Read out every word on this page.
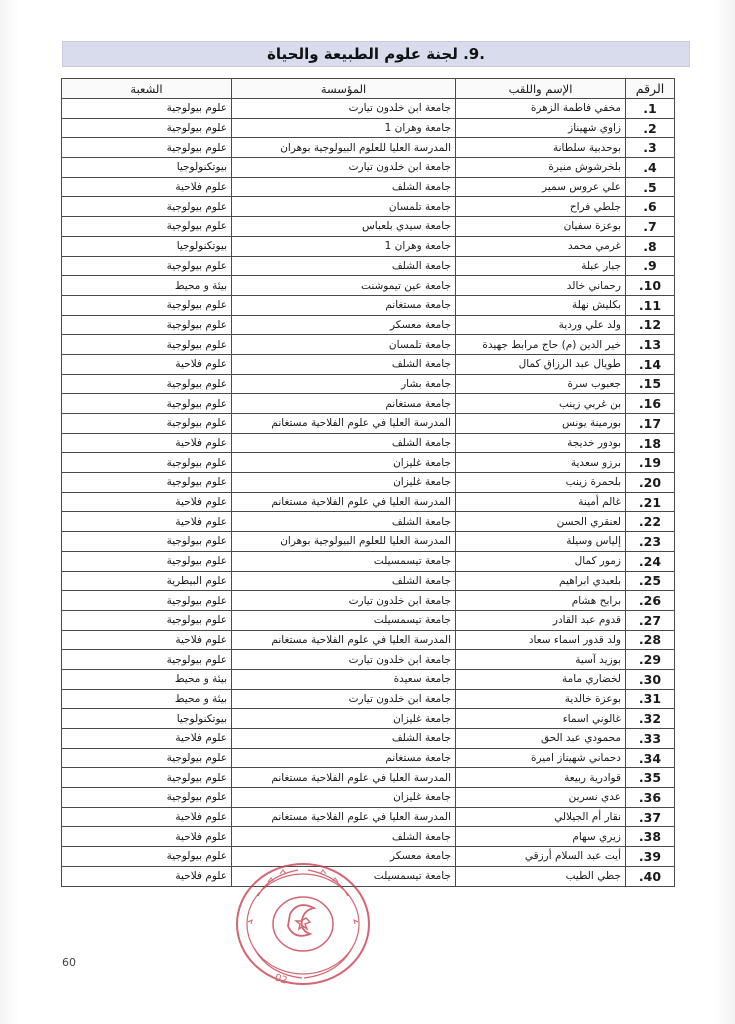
.9. لجنة علوم الطبيعة والحياة
الرقم	الإسم واللقب	المؤسسة	الشعبة
1.	مخفي فاطمة الزهرة	جامعة ابن خلدون تيارت	علوم بيولوجية
2.	زاوي شهيناز	جامعة وهران 1	علوم بيولوجية
3.	بوحدبية سلطانة	المدرسة العليا للعلوم البيولوجية بوهران	علوم بيولوجية
4.	بلخرشوش منيرة	جامعة ابن خلدون تيارت	بيوتكنولوجيا
5.	علي عروس سمير	جامعة الشلف	علوم فلاحية
6.	جلطي فراح	جامعة تلمسان	علوم بيولوجية
7.	بوعزة سفيان	جامعة سيدي بلعباس	علوم بيولوجية
8.	غرمي محمد	جامعة وهران 1	بيوتكنولوجيا
9.	جبار عبلة	جامعة الشلف	علوم بيولوجية
10.	رحماني خالد	جامعة عين تيموشنت	بيئة و محيط
11.	بكليش نهلة	جامعة مستغانم	علوم بيولوجية
12.	ولد علي وردية	جامعة معسكر	علوم بيولوجية
13.	خير الدين (م) حاج مرابط جهيدة	جامعة تلمسان	علوم بيولوجية
14.	طويال عبد الرزاق كمال	جامعة الشلف	علوم فلاحية
15.	جعبوب سرة	جامعة بشار	علوم بيولوجية
16.	بن غربي زينب	جامعة مستغانم	علوم بيولوجية
17.	بورمينة يونس	المدرسة العليا في علوم الفلاحية مستغانم	علوم بيولوجية
18.	بودور خديجة	جامعة الشلف	علوم فلاحية
19.	برزو سعدية	جامعة غليزان	علوم بيولوجية
20.	بلحمرة زينب	جامعة غليزان	علوم بيولوجية
21.	غالم أمينة	المدرسة العليا في علوم الفلاحية مستغانم	علوم فلاحية
22.	لعنقري الحسن	جامعة الشلف	علوم فلاحية
23.	إلياس وسيلة	المدرسة العليا للعلوم البيولوجية بوهران	علوم بيولوجية
24.	زمور كمال	جامعة تيسمسيلت	علوم بيولوجية
25.	بلعبدي ابراهيم	جامعة الشلف	علوم البيطرية
26.	برابح هشام	جامعة ابن خلدون تيارت	علوم بيولوجية
27.	قدوم عبد القادر	جامعة تيسمسيلت	علوم بيولوجية
28.	ولد قدور اسماء سعاد	المدرسة العليا في علوم الفلاحية مستغانم	علوم فلاحية
29.	بوزيد آسية	جامعة ابن خلدون تيارت	علوم بيولوجية
30.	لخضاري مامة	جامعة سعيدة	بيئة و محيط
31.	بوعزة خالدية	جامعة ابن خلدون تيارت	بيئة و محيط
32.	غالوني اسماء	جامعة غليزان	بيوتكنولوجيا
33.	محمودي عبد الحق	جامعة الشلف	علوم فلاحية
34.	دحماني شهيناز اميرة	جامعة مستغانم	علوم بيولوجية
35.	قوادرية ربيعة	المدرسة العليا في علوم الفلاحية مستغانم	علوم بيولوجية
36.	عدي نسرين	جامعة غليزان	علوم بيولوجية
37.	نقار أم الجيلالي	المدرسة العليا في علوم الفلاحية مستغانم	علوم فلاحية
38.	زيري سهام	جامعة الشلف	علوم فلاحية
39.	أيت عبد السلام أرزقي	جامعة معسكر	علوم بيولوجية
40.	جطي الطيب	جامعة تيسمسيلت	علوم فلاحية
60
02
